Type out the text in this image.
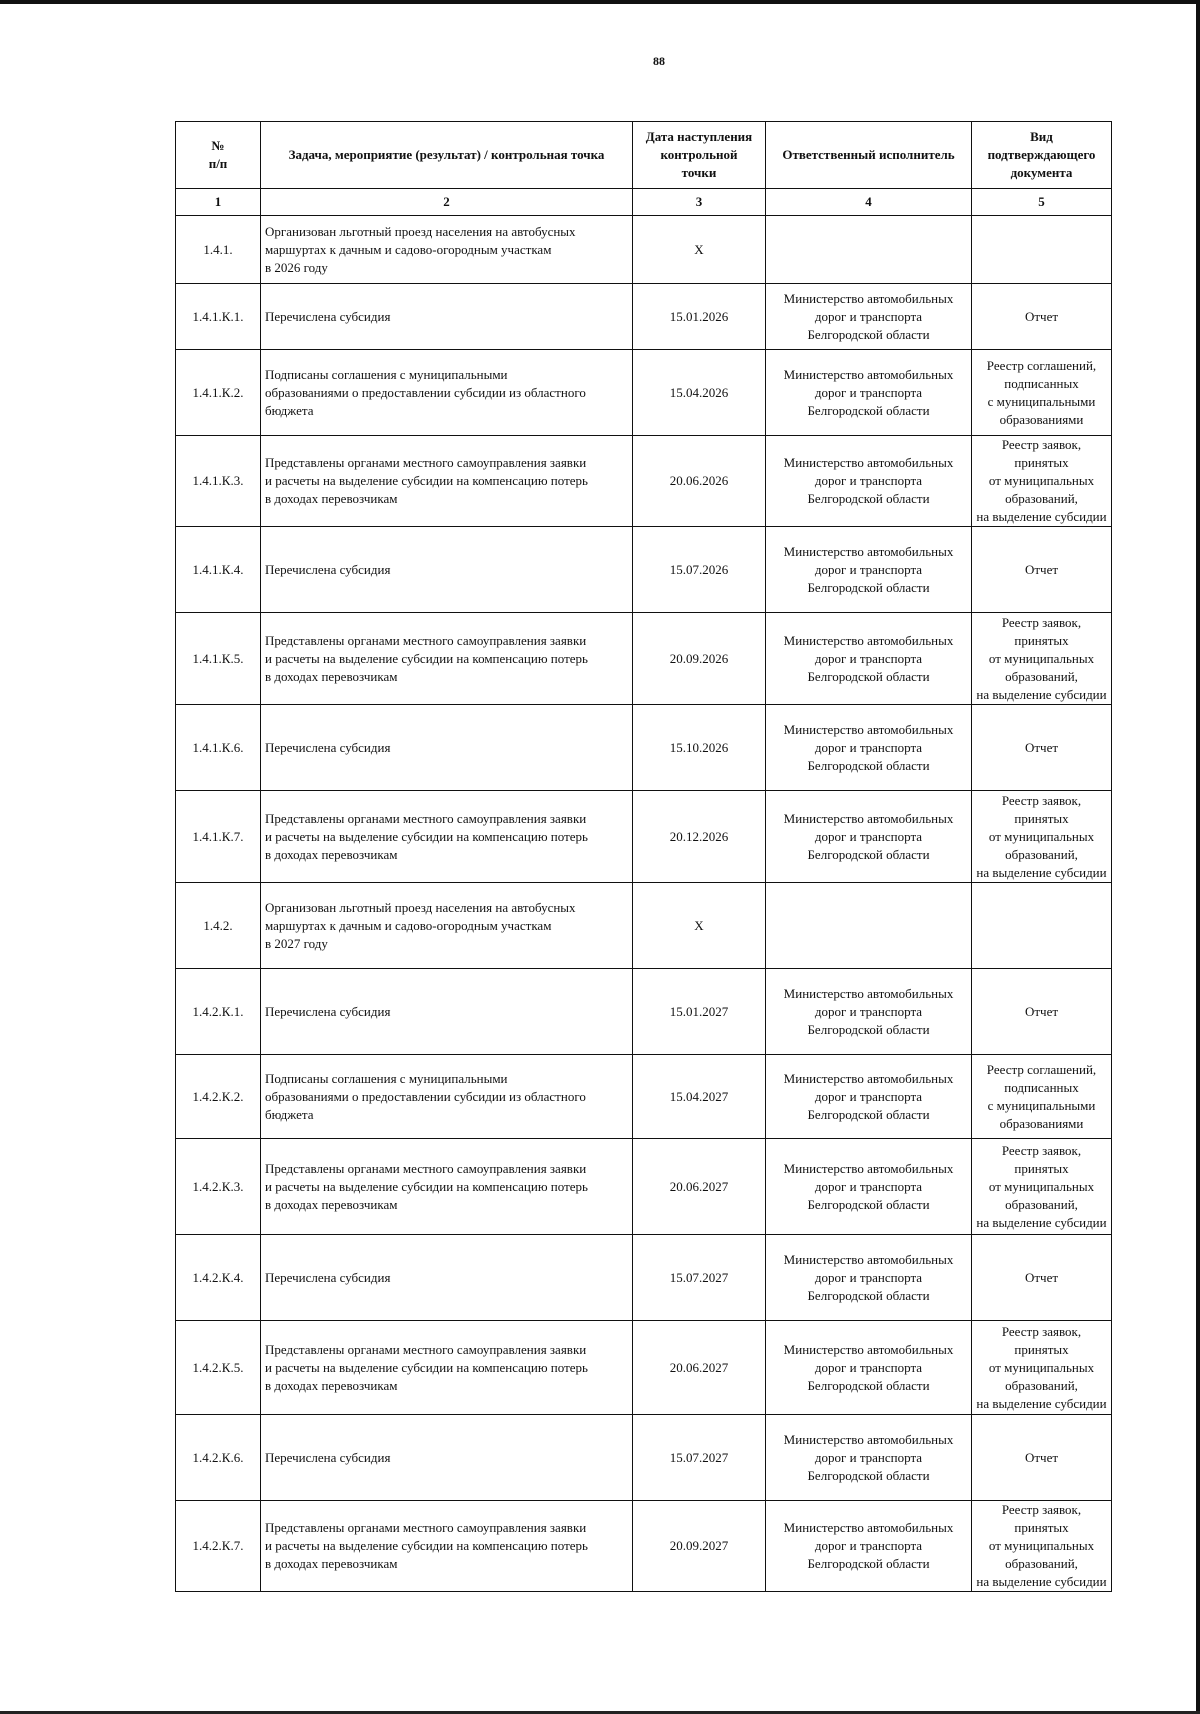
88
№
п/п	Задача, мероприятие (результат) / контрольная точка	Дата наступления
контрольной
точки	Ответственный исполнитель	Вид подтверждающего
документа

1	2	3	4	5
1.4.1.	Организован льготный проезд населения на автобусных
маршуртах к дачным и садово-огородным участкам
в 2026 году	X		
1.4.1.К.1.	Перечислена субсидия	15.01.2026	Министерство автомобильных
дорог и транспорта
Белгородской области	Отчет

1.4.1.К.2.	Подписаны соглашения с муниципальными
образованиями о предоставлении субсидии из областного
бюджета	15.04.2026	Министерство автомобильных
дорог и транспорта
Белгородской области	Реестр соглашений,
подписанных
с муниципальными
образованиями

1.4.1.К.3.	Представлены органами местного самоуправления заявки
и расчеты на выделение субсидии на компенсацию потерь
в доходах перевозчикам	20.06.2026	Министерство автомобильных
дорог и транспорта
Белгородской области	Реестр заявок, принятых
от муниципальных
образований,
на выделение субсидии

1.4.1.К.4.	Перечислена субсидия	15.07.2026	Министерство автомобильных
дорог и транспорта
Белгородской области	Отчет

1.4.1.К.5.	Представлены органами местного самоуправления заявки
и расчеты на выделение субсидии на компенсацию потерь
в доходах перевозчикам	20.09.2026	Министерство автомобильных
дорог и транспорта
Белгородской области	Реестр заявок, принятых
от муниципальных
образований,
на выделение субсидии

1.4.1.К.6.	Перечислена субсидия	15.10.2026	Министерство автомобильных
дорог и транспорта
Белгородской области	Отчет

1.4.1.К.7.	Представлены органами местного самоуправления заявки
и расчеты на выделение субсидии на компенсацию потерь
в доходах перевозчикам	20.12.2026	Министерство автомобильных
дорог и транспорта
Белгородской области	Реестр заявок, принятых
от муниципальных
образований,
на выделение субсидии

1.4.2.	Организован льготный проезд населения на автобусных
маршуртах к дачным и садово-огородным участкам
в 2027 году	X		
1.4.2.К.1.	Перечислена субсидия	15.01.2027	Министерство автомобильных
дорог и транспорта
Белгородской области	Отчет

1.4.2.К.2.	Подписаны соглашения с муниципальными
образованиями о предоставлении субсидии из областного
бюджета	15.04.2027	Министерство автомобильных
дорог и транспорта
Белгородской области	Реестр соглашений,
подписанных
с муниципальными
образованиями

1.4.2.К.3.	Представлены органами местного самоуправления заявки
и расчеты на выделение субсидии на компенсацию потерь
в доходах перевозчикам	20.06.2027	Министерство автомобильных
дорог и транспорта
Белгородской области	Реестр заявок, принятых
от муниципальных
образований,
на выделение субсидии

1.4.2.К.4.	Перечислена субсидия	15.07.2027	Министерство автомобильных
дорог и транспорта
Белгородской области	Отчет

1.4.2.К.5.	Представлены органами местного самоуправления заявки
и расчеты на выделение субсидии на компенсацию потерь
в доходах перевозчикам	20.06.2027	Министерство автомобильных
дорог и транспорта
Белгородской области	Реестр заявок, принятых
от муниципальных
образований,
на выделение субсидии

1.4.2.К.6.	Перечислена субсидия	15.07.2027	Министерство автомобильных
дорог и транспорта
Белгородской области	Отчет

1.4.2.К.7.	Представлены органами местного самоуправления заявки
и расчеты на выделение субсидии на компенсацию потерь
в доходах перевозчикам	20.09.2027	Министерство автомобильных
дорог и транспорта
Белгородской области	Реестр заявок, принятых
от муниципальных
образований,
на выделение субсидии
